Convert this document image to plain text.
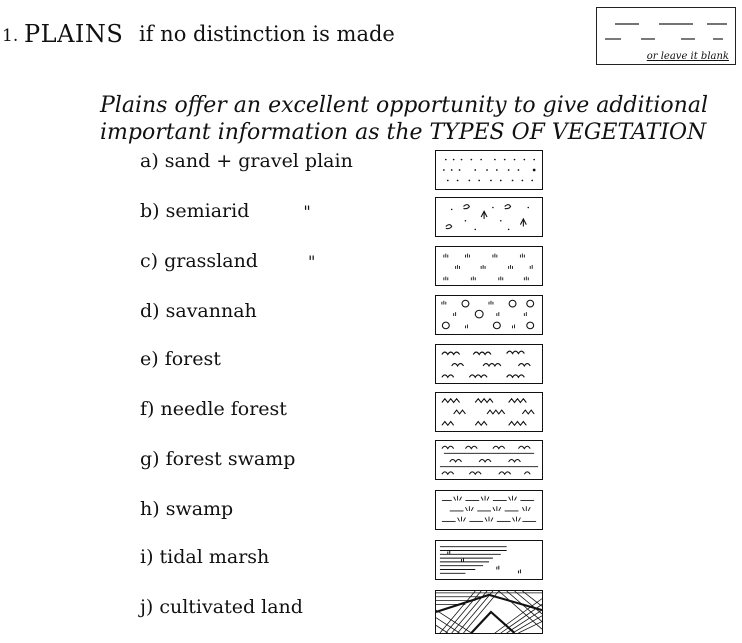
1. PLAINS if no distinction is made
or leave it blank
Plains offer an excellent opportunity to give additional
important information as the TYPES OF VEGETATION
a) sand + gravel plain
b) semiarid	"
c) grassland	"
d) savannah
e) forest
f) needle forest
g) forest swamp
h) swamp
i) tidal marsh
j) cultivated land
